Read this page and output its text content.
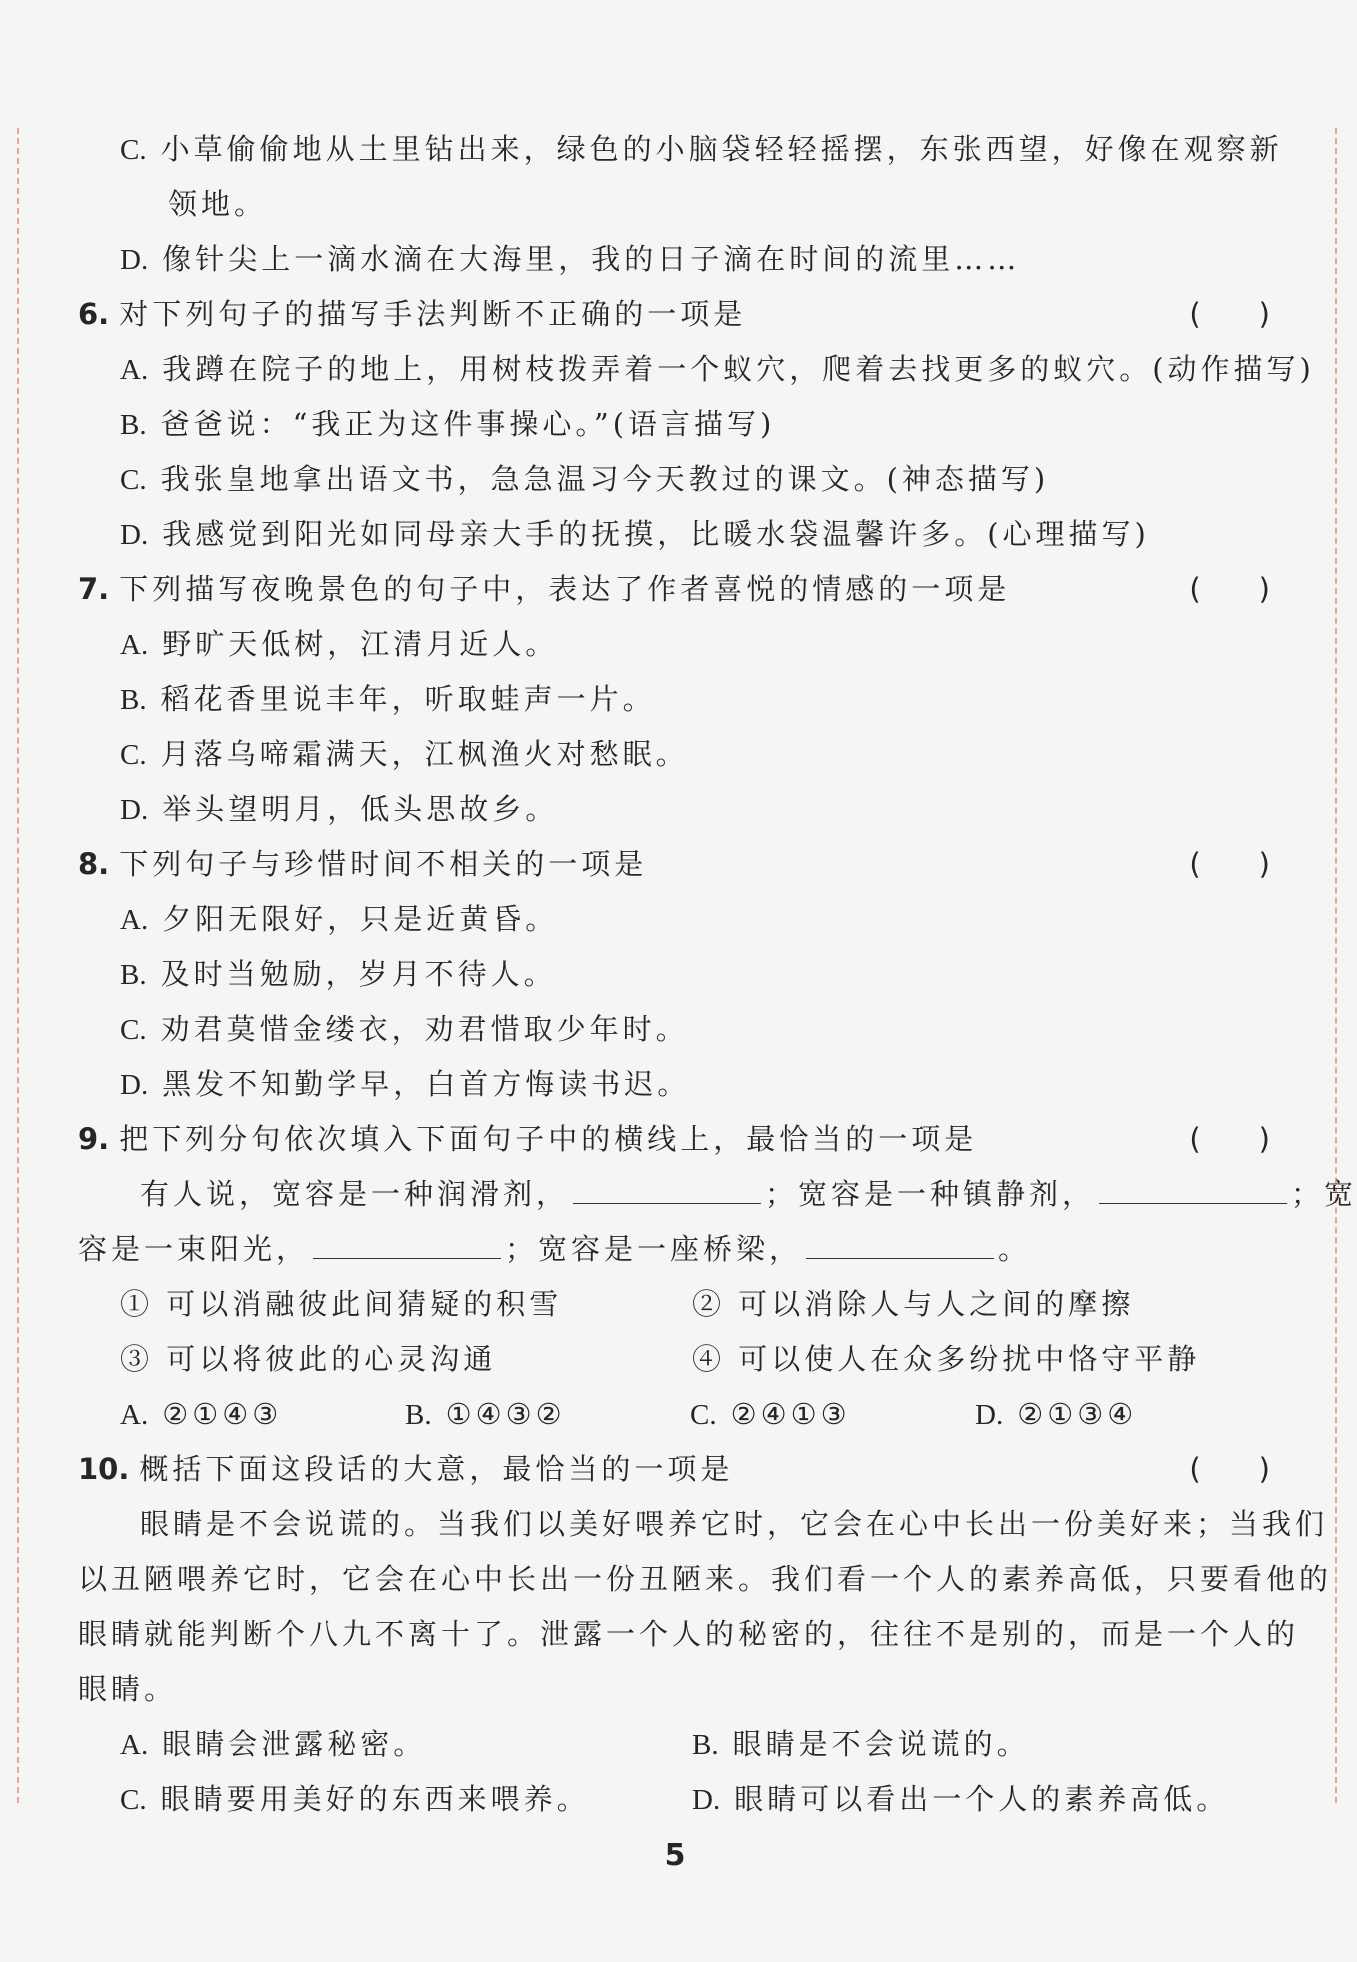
C. 小草偷偷地从土里钻出来，绿色的小脑袋轻轻摇摆，东张西望，好像在观察新
领地。
D. 像针尖上一滴水滴在大海里，我的日子滴在时间的流里……
6. 对下列句子的描写手法判断不正确的一项是	( )
A. 我蹲在院子的地上，用树枝拨弄着一个蚁穴，爬着去找更多的蚁穴。(动作描写)
B. 爸爸说：“我正为这件事操心。”(语言描写)
C. 我张皇地拿出语文书，急急温习今天教过的课文。(神态描写)
D. 我感觉到阳光如同母亲大手的抚摸，比暖水袋温馨许多。(心理描写)
7. 下列描写夜晚景色的句子中，表达了作者喜悦的情感的一项是	( )
A. 野旷天低树，江清月近人。
B. 稻花香里说丰年，听取蛙声一片。
C. 月落乌啼霜满天，江枫渔火对愁眠。
D. 举头望明月，低头思故乡。
8. 下列句子与珍惜时间不相关的一项是	( )
A. 夕阳无限好，只是近黄昏。
B. 及时当勉励，岁月不待人。
C. 劝君莫惜金缕衣，劝君惜取少年时。
D. 黑发不知勤学早，白首方悔读书迟。
9. 把下列分句依次填入下面句子中的横线上，最恰当的一项是	( )
有人说，宽容是一种润滑剂，	；宽容是一种镇静剂，	；宽
容是一束阳光，	；宽容是一座桥梁，	。
① 可以消融彼此间猜疑的积雪	② 可以消除人与人之间的摩擦
③ 可以将彼此的心灵沟通	④ 可以使人在众多纷扰中恪守平静
A. ②①④③	B. ①④③②	C. ②④①③	D. ②①③④
10. 概括下面这段话的大意，最恰当的一项是	( )
眼睛是不会说谎的。当我们以美好喂养它时，它会在心中长出一份美好来；当我们
以丑陋喂养它时，它会在心中长出一份丑陋来。我们看一个人的素养高低，只要看他的
眼睛就能判断个八九不离十了。泄露一个人的秘密的，往往不是别的，而是一个人的
眼睛。
A. 眼睛会泄露秘密。	B. 眼睛是不会说谎的。
C. 眼睛要用美好的东西来喂养。	D. 眼睛可以看出一个人的素养高低。
5
